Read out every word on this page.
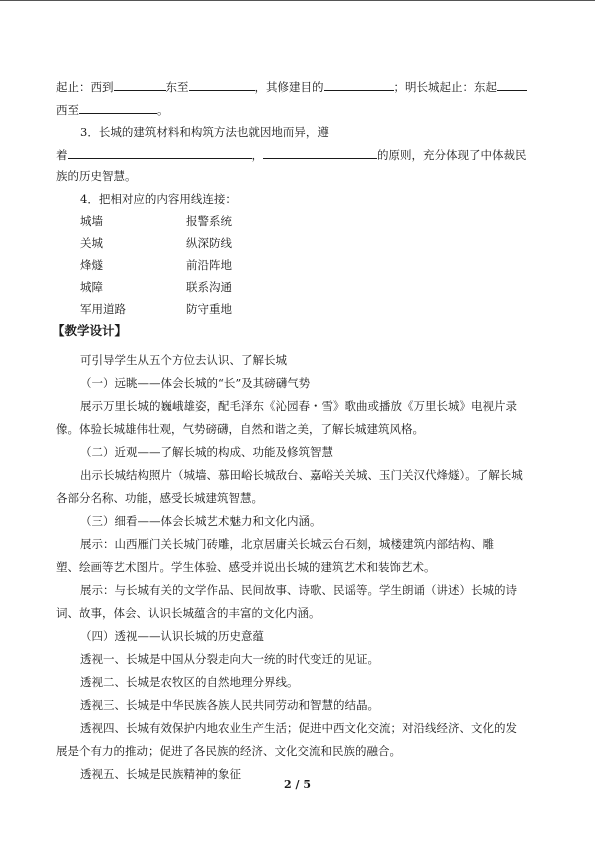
起止：西到	东至	，其修建目的	；明长城起止：东起
西至	。
3．长城的建筑材料和构筑方法也就因地而异，遵
着	，	的原则，充分体现了中体裁民
族的历史智慧。
4．把相对应的内容用线连接：
城墙	报警系统
关城	纵深防线
烽燧	前沿阵地
城障	联系沟通
军用道路	防守重地
【教学设计】
可引导学生从五个方位去认识、了解长城
（一）远眺——体会长城的“长”及其磅礴气势
展示万里长城的巍峨雄姿，配毛泽东《沁园春・雪》歌曲或播放《万里长城》电视片录
像。体验长城雄伟壮观，气势磅礴，自然和谐之美，了解长城建筑风格。
（二）近观——了解长城的构成、功能及修筑智慧
出示长城结构照片（城墙、慕田峪长城敌台、嘉峪关关城、玉门关汉代烽燧）。了解长城
各部分名称、功能，感受长城建筑智慧。
（三）细看——体会长城艺术魅力和文化内涵。
展示：山西雁门关长城门砖雕，北京居庸关长城云台石刻，城楼建筑内部结构、雕
塑、绘画等艺术图片。学生体验、感受并说出长城的建筑艺术和装饰艺术。
展示：与长城有关的文学作品、民间故事、诗歌、民谣等。学生朗诵（讲述）长城的诗
词、故事，体会、认识长城蕴含的丰富的文化内涵。
（四）透视——认识长城的历史意蕴
透视一、长城是中国从分裂走向大一统的时代变迁的见证。
透视二、长城是农牧区的自然地理分界线。
透视三、长城是中华民族各族人民共同劳动和智慧的结晶。
透视四、长城有效保护内地农业生产生活；促进中西文化交流；对沿线经济、文化的发
展是个有力的推动；促进了各民族的经济、文化交流和民族的融合。
透视五、长城是民族精神的象征
2 / 5
